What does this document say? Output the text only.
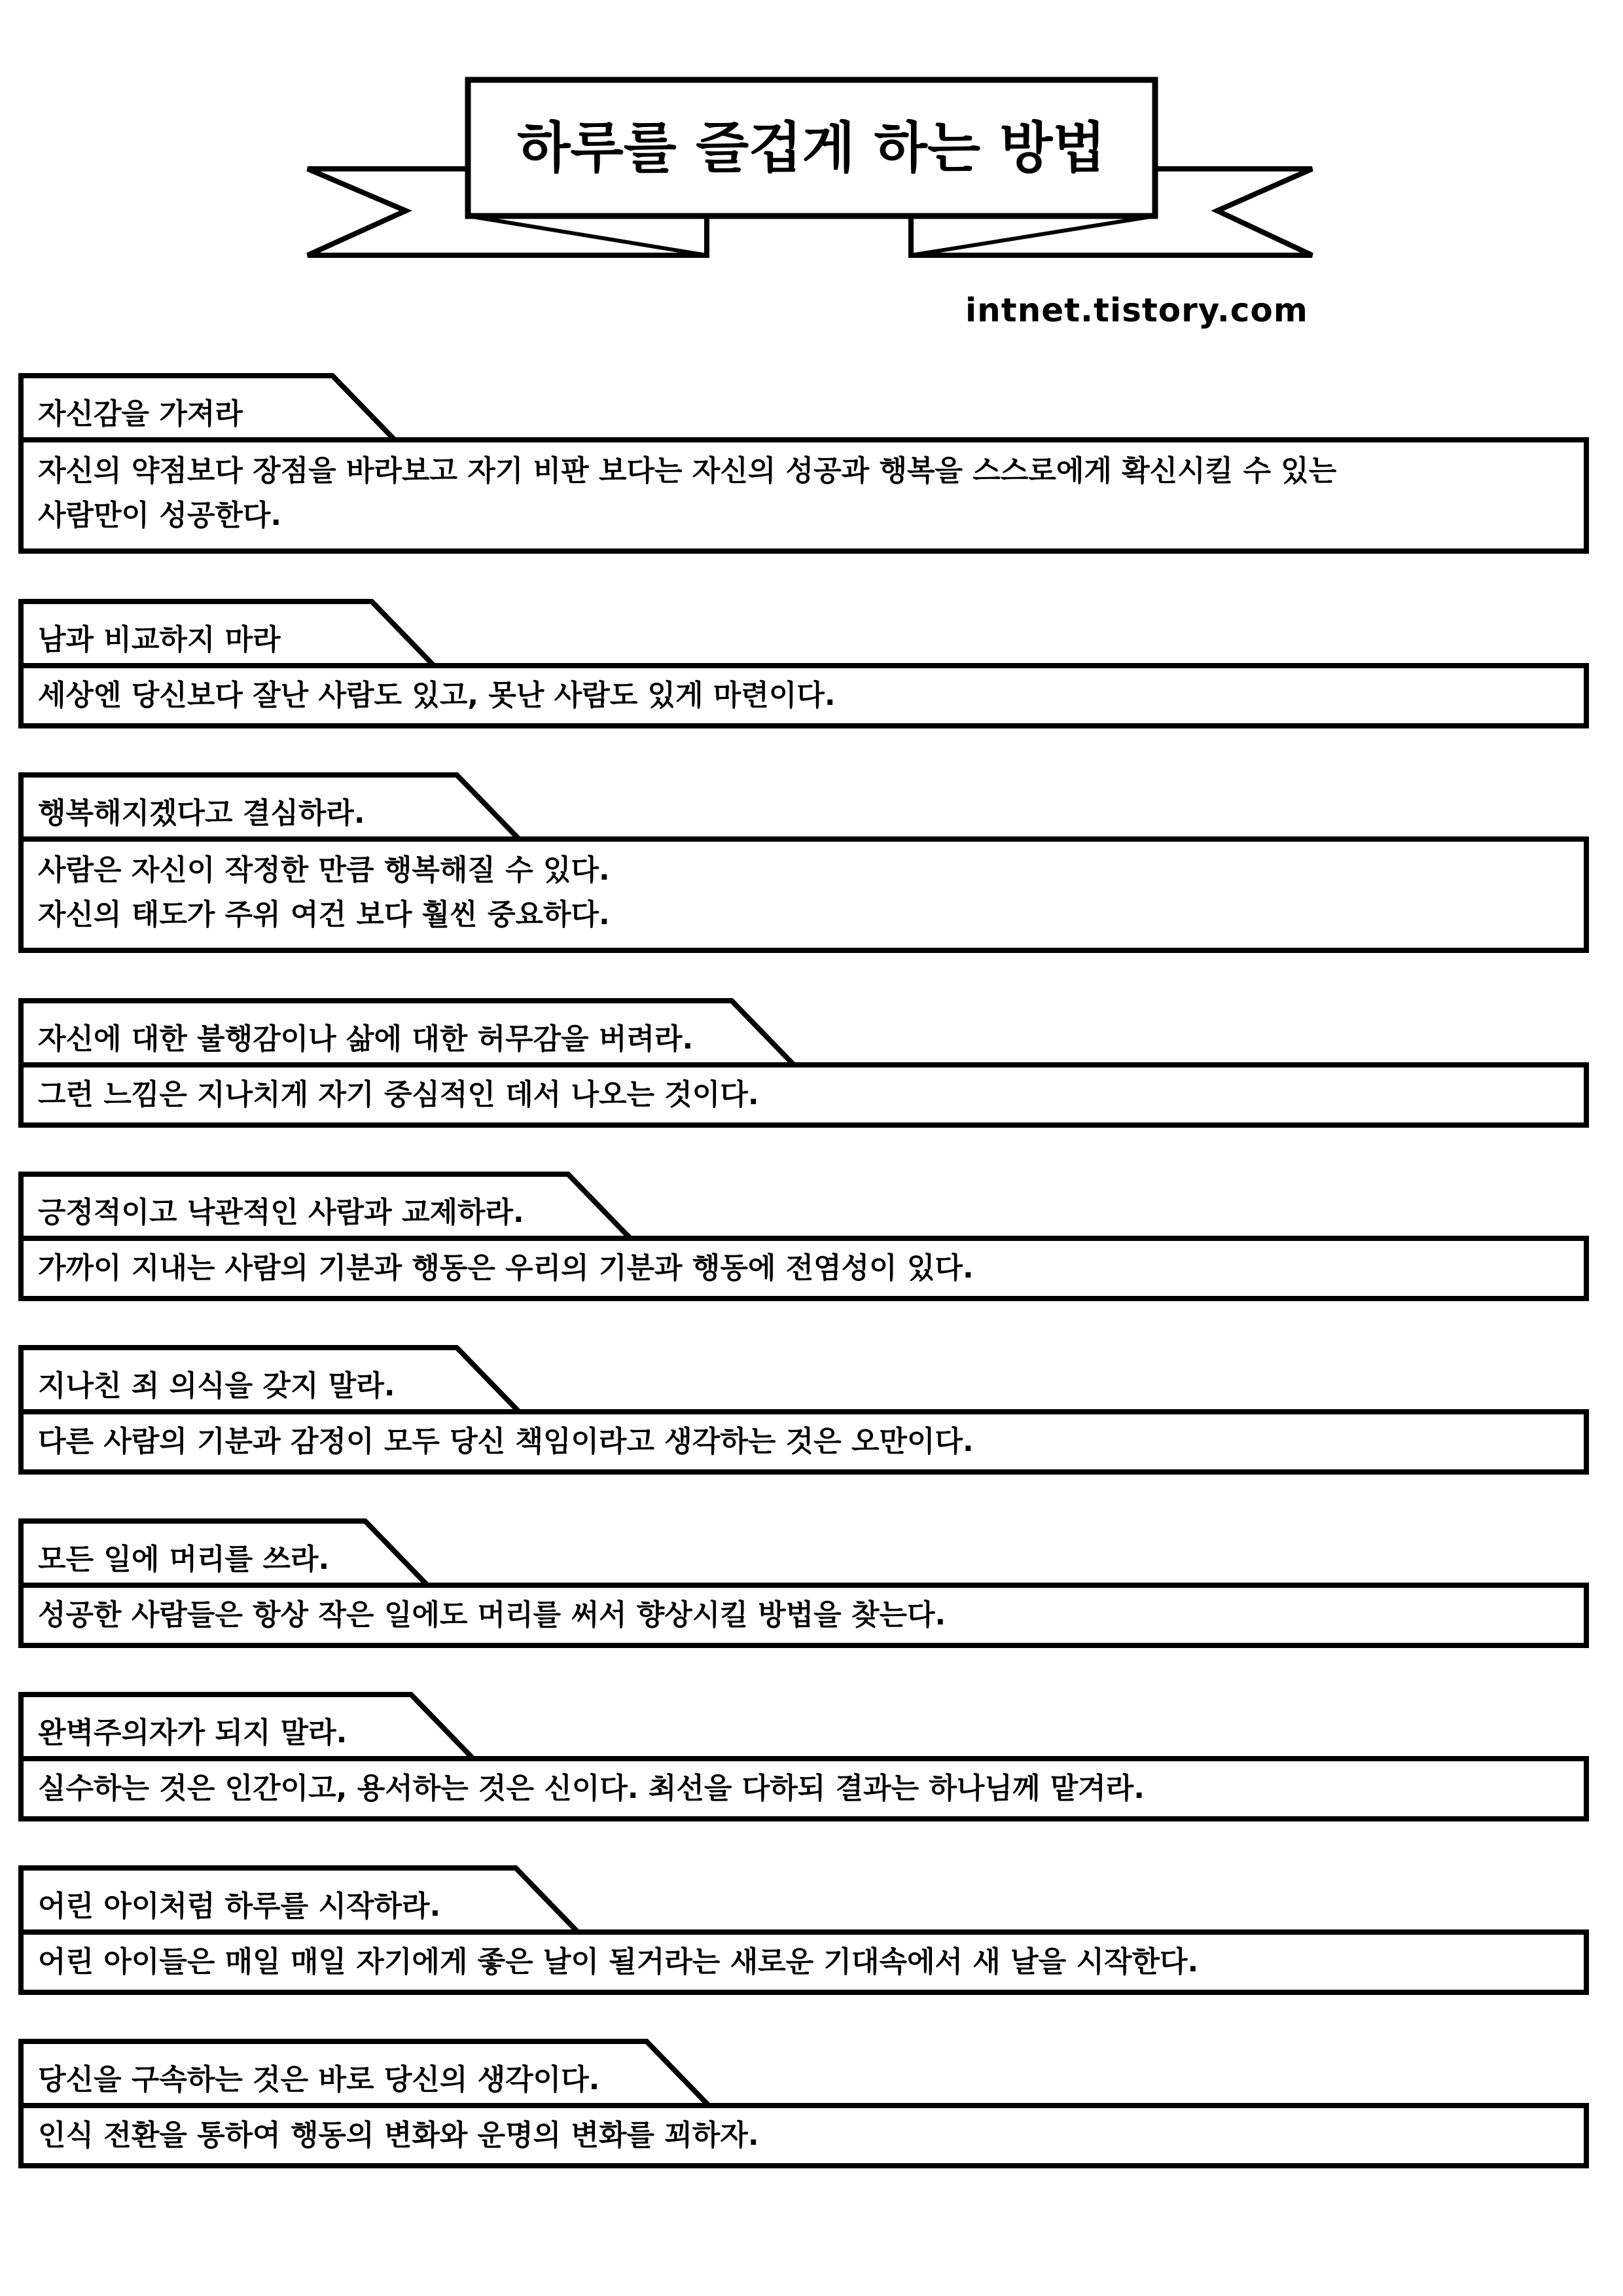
하루를 즐겁게 하는 방법
intnet.tistory.com
자신감을 가져라
자신의 약점보다 장점을 바라보고 자기 비판 보다는 자신의 성공과 행복을 스스로에게 확신시킬 수 있는
사람만이 성공한다.
남과 비교하지 마라
세상엔 당신보다 잘난 사람도 있고, 못난 사람도 있게 마련이다.
행복해지겠다고 결심하라.
사람은 자신이 작정한 만큼 행복해질 수 있다.
자신의 태도가 주위 여건 보다 훨씬 중요하다.
자신에 대한 불행감이나 삶에 대한 허무감을 버려라.
그런 느낌은 지나치게 자기 중심적인 데서 나오는 것이다.
긍정적이고 낙관적인 사람과 교제하라.
가까이 지내는 사람의 기분과 행동은 우리의 기분과 행동에 전염성이 있다.
지나친 죄 의식을 갖지 말라.
다른 사람의 기분과 감정이 모두 당신 책임이라고 생각하는 것은 오만이다.
모든 일에 머리를 쓰라.
성공한 사람들은 항상 작은 일에도 머리를 써서 향상시킬 방법을 찾는다.
완벽주의자가 되지 말라.
실수하는 것은 인간이고, 용서하는 것은 신이다. 최선을 다하되 결과는 하나님께 맡겨라.
어린 아이처럼 하루를 시작하라.
어린 아이들은 매일 매일 자기에게 좋은 날이 될거라는 새로운 기대속에서 새 날을 시작한다.
당신을 구속하는 것은 바로 당신의 생각이다.
인식 전환을 통하여 행동의 변화와 운명의 변화를 꾀하자.
